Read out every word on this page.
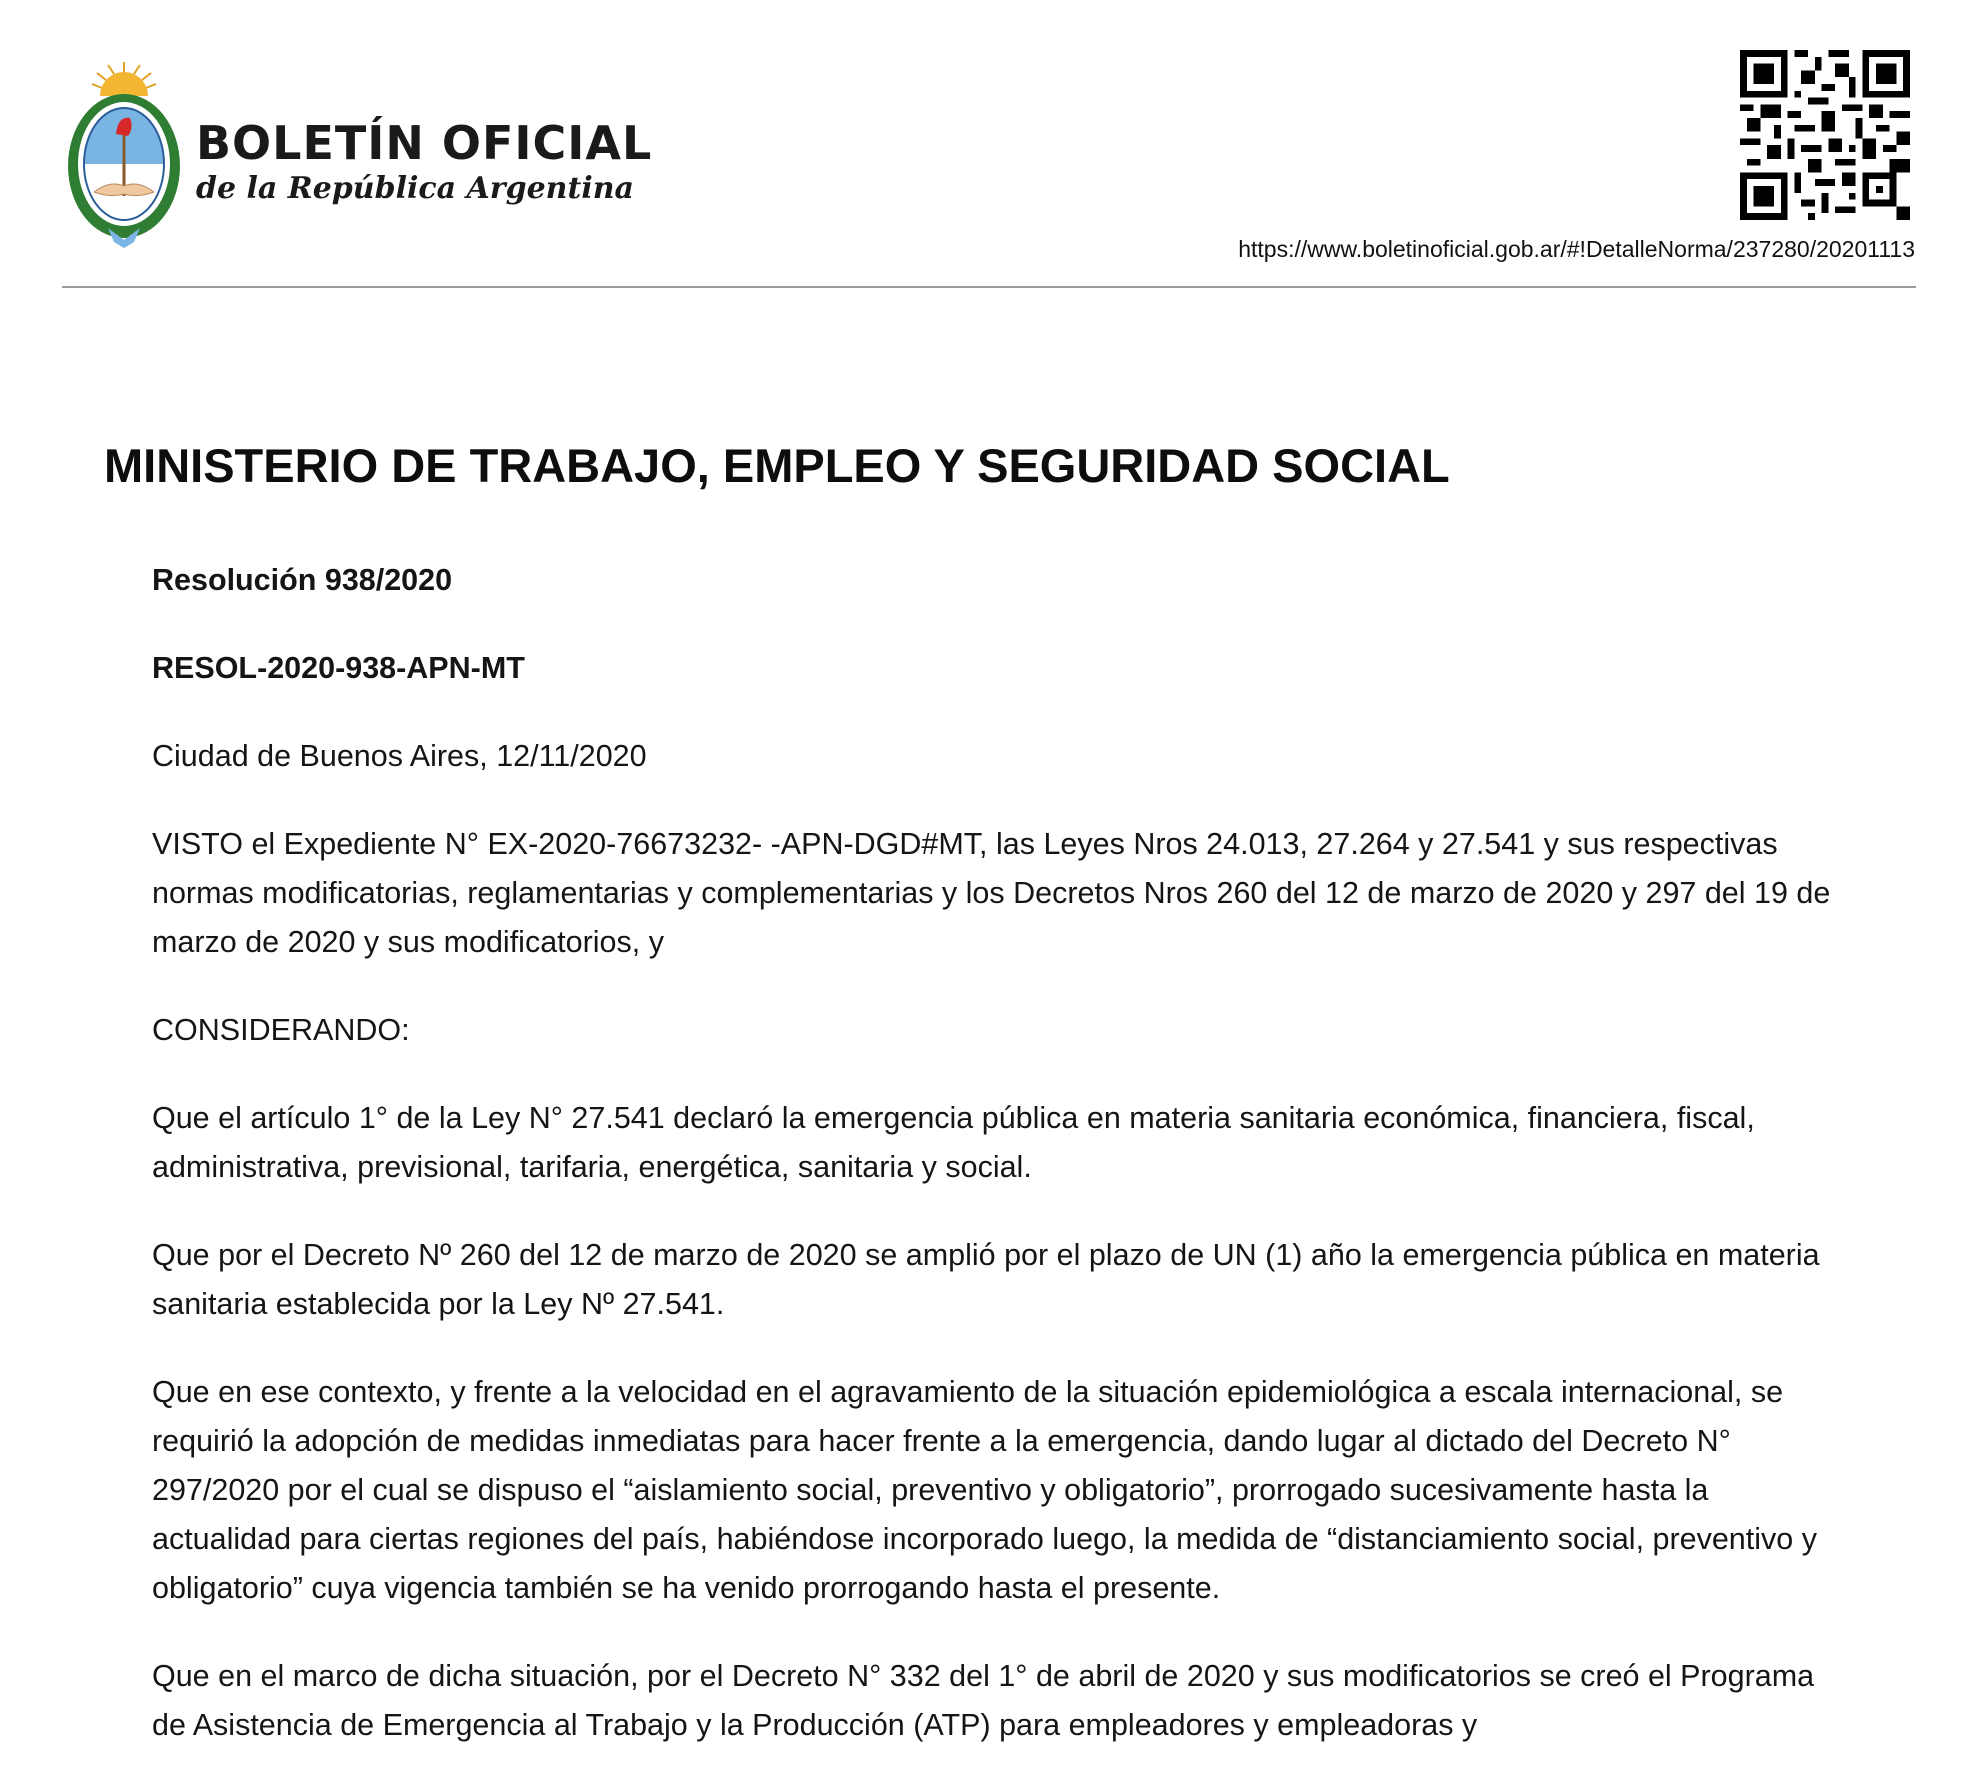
BOLETÍN OFICIAL
de la República Argentina
https://www.boletinoficial.gob.ar/#!DetalleNorma/237280/20201113
MINISTERIO DE TRABAJO, EMPLEO Y SEGURIDAD SOCIAL

Resolución 938/2020

RESOL-2020-938-APN-MT

Ciudad de Buenos Aires, 12/11/2020

VISTO el Expediente N° EX-2020-76673232- -APN-DGD#MT, las Leyes Nros 24.013, 27.264 y 27.541 y sus respectivas normas modificatorias, reglamentarias y complementarias y los Decretos Nros 260 del 12 de marzo de 2020 y 297 del 19 de marzo de 2020 y sus modificatorios, y

CONSIDERANDO:

Que el artículo 1° de la Ley N° 27.541 declaró la emergencia pública en materia sanitaria económica, financiera, fiscal, administrativa, previsional, tarifaria, energética, sanitaria y social.

Que por el Decreto Nº 260 del 12 de marzo de 2020 se amplió por el plazo de UN (1) año la emergencia pública en materia sanitaria establecida por la Ley Nº 27.541.

Que en ese contexto, y frente a la velocidad en el agravamiento de la situación epidemiológica a escala internacional, se requirió la adopción de medidas inmediatas para hacer frente a la emergencia, dando lugar al dictado del Decreto N° 297/2020 por el cual se dispuso el “aislamiento social, preventivo y obligatorio”, prorrogado sucesivamente hasta la actualidad para ciertas regiones del país, habiéndose incorporado luego, la medida de “distanciamiento social, preventivo y obligatorio” cuya vigencia también se ha venido prorrogando hasta el presente.

Que en el marco de dicha situación, por el Decreto N° 332 del 1° de abril de 2020 y sus modificatorios se creó el Programa de Asistencia de Emergencia al Trabajo y la Producción (ATP) para empleadores y empleadoras y
